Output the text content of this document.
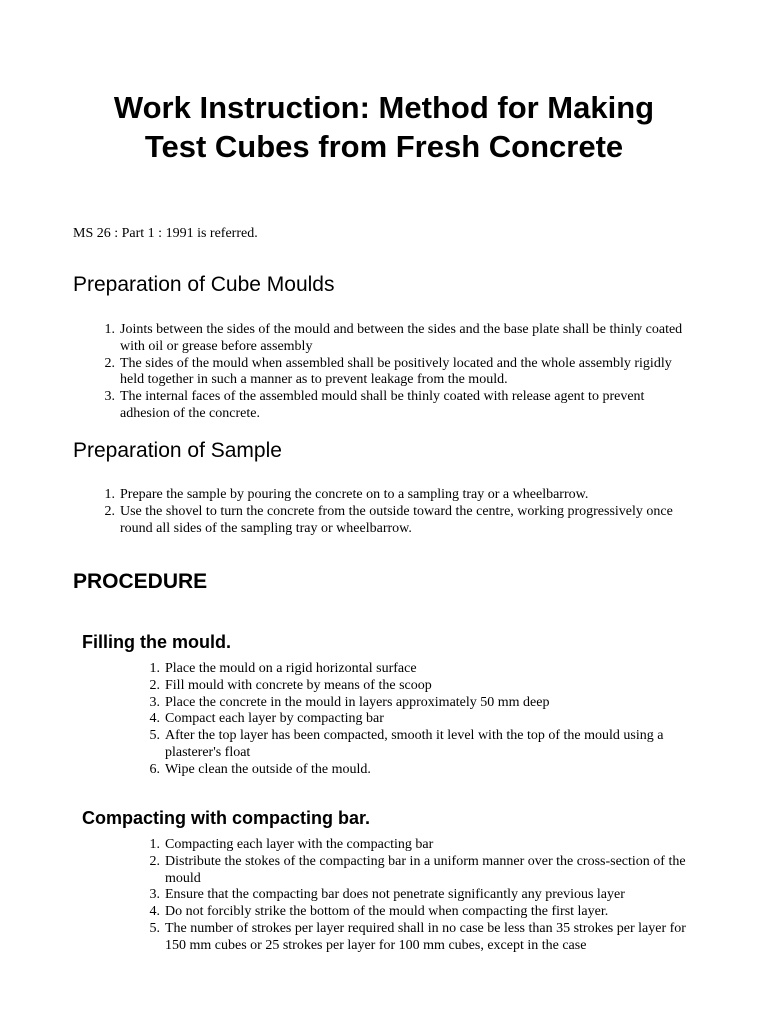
Work Instruction: Method for Making Test Cubes from Fresh Concrete

MS 26 : Part 1 : 1991 is referred.

Preparation of Cube Moulds
1. Joints between the sides of the mould and between the sides and the base plate shall be thinly coated with oil or grease before assembly
2. The sides of the mould when assembled shall be positively located and the whole assembly rigidly held together in such a manner as to prevent leakage from the mould.
3. The internal faces of the assembled mould shall be thinly coated with release agent to prevent adhesion of the concrete.
Preparation of Sample
1. Prepare the sample by pouring the concrete on to a sampling tray or a wheelbarrow.
2. Use the shovel to turn the concrete from the outside toward the centre, working progressively once round all sides of the sampling tray or wheelbarrow.
PROCEDURE
Filling the mould.
1. Place the mould on a rigid horizontal surface
2. Fill mould with concrete by means of the scoop
3. Place the concrete in the mould in layers approximately 50 mm deep
4. Compact each layer by compacting bar
5. After the top layer has been compacted, smooth it level with the top of the mould using a plasterer's float
6. Wipe clean the outside of the mould.
Compacting with compacting bar.
1. Compacting each layer with the compacting bar
2. Distribute the stokes of the compacting bar in a uniform manner over the cross-section of the mould
3. Ensure that the compacting bar does not penetrate significantly any previous layer
4. Do not forcibly strike the bottom of the mould when compacting the first layer.
5. The number of strokes per layer required shall in no case be less than 35 strokes per layer for 150 mm cubes or 25 strokes per layer for 100 mm cubes, except in the case
